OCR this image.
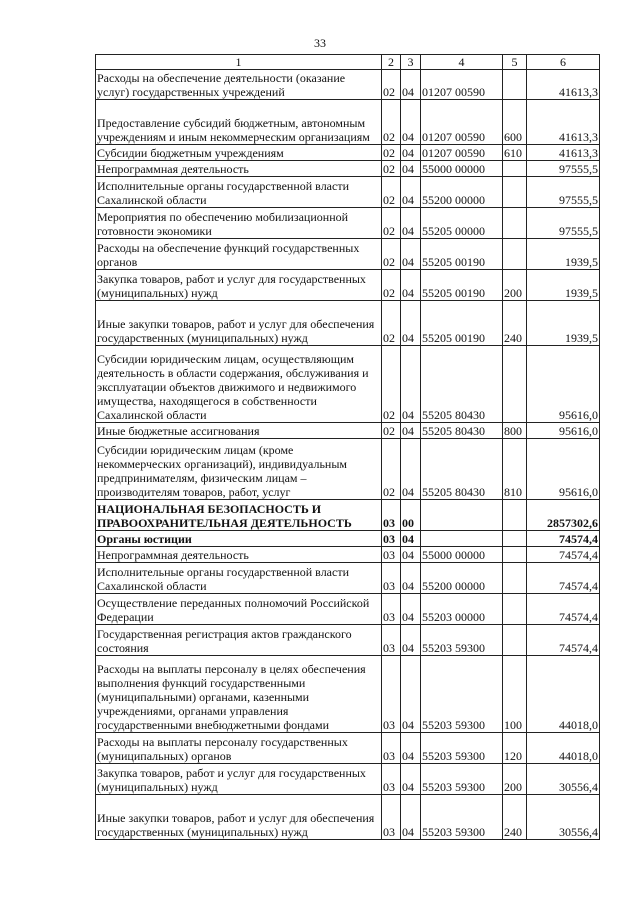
33
1	2	3	4	5	6
Расходы на обеспечение деятельности (оказание услуг) государственных учреждений	02	04	01207 00590		41613,3
Предоставление субсидий бюджетным, автономным учреждениям и иным некоммерческим организациям	02	04	01207 00590	600	41613,3
Субсидии бюджетным учреждениям	02	04	01207 00590	610	41613,3
Непрограммная деятельность	02	04	55000 00000		97555,5
Исполнительные органы государственной власти Сахалинской области	02	04	55200 00000		97555,5
Мероприятия по обеспечению мобилизационной готовности экономики	02	04	55205 00000		97555,5
Расходы на обеспечение функций государственных органов	02	04	55205 00190		1939,5
Закупка товаров, работ и услуг для государственных (муниципальных) нужд	02	04	55205 00190	200	1939,5
Иные закупки товаров, работ и услуг для обеспечения государственных (муниципальных) нужд	02	04	55205 00190	240	1939,5
Субсидии юридическим лицам, осуществляющим деятельность в области содержания, обслуживания и эксплуатации объектов движимого и недвижимого имущества, находящегося в собственности Сахалинской области	02	04	55205 80430		95616,0
Иные бюджетные ассигнования	02	04	55205 80430	800	95616,0
Субсидии юридическим лицам (кроме некоммерческих организаций), индивидуальным предпринимателям, физическим лицам – производителям товаров, работ, услуг	02	04	55205 80430	810	95616,0
НАЦИОНАЛЬНАЯ БЕЗОПАСНОСТЬ И ПРАВООХРАНИТЕЛЬНАЯ ДЕЯТЕЛЬНОСТЬ	03	00			2857302,6
Органы юстиции	03	04			74574,4
Непрограммная деятельность	03	04	55000 00000		74574,4
Исполнительные органы государственной власти Сахалинской области	03	04	55200 00000		74574,4
Осуществление переданных полномочий Российской Федерации	03	04	55203 00000		74574,4
Государственная регистрация актов гражданского состояния	03	04	55203 59300		74574,4
Расходы на выплаты персоналу в целях обеспечения выполнения функций государственными (муниципальными) органами, казенными учреждениями, органами управления государственными внебюджетными фондами	03	04	55203 59300	100	44018,0
Расходы на выплаты персоналу государственных (муниципальных) органов	03	04	55203 59300	120	44018,0
Закупка товаров, работ и услуг для государственных (муниципальных) нужд	03	04	55203 59300	200	30556,4
Иные закупки товаров, работ и услуг для обеспечения государственных (муниципальных) нужд	03	04	55203 59300	240	30556,4
